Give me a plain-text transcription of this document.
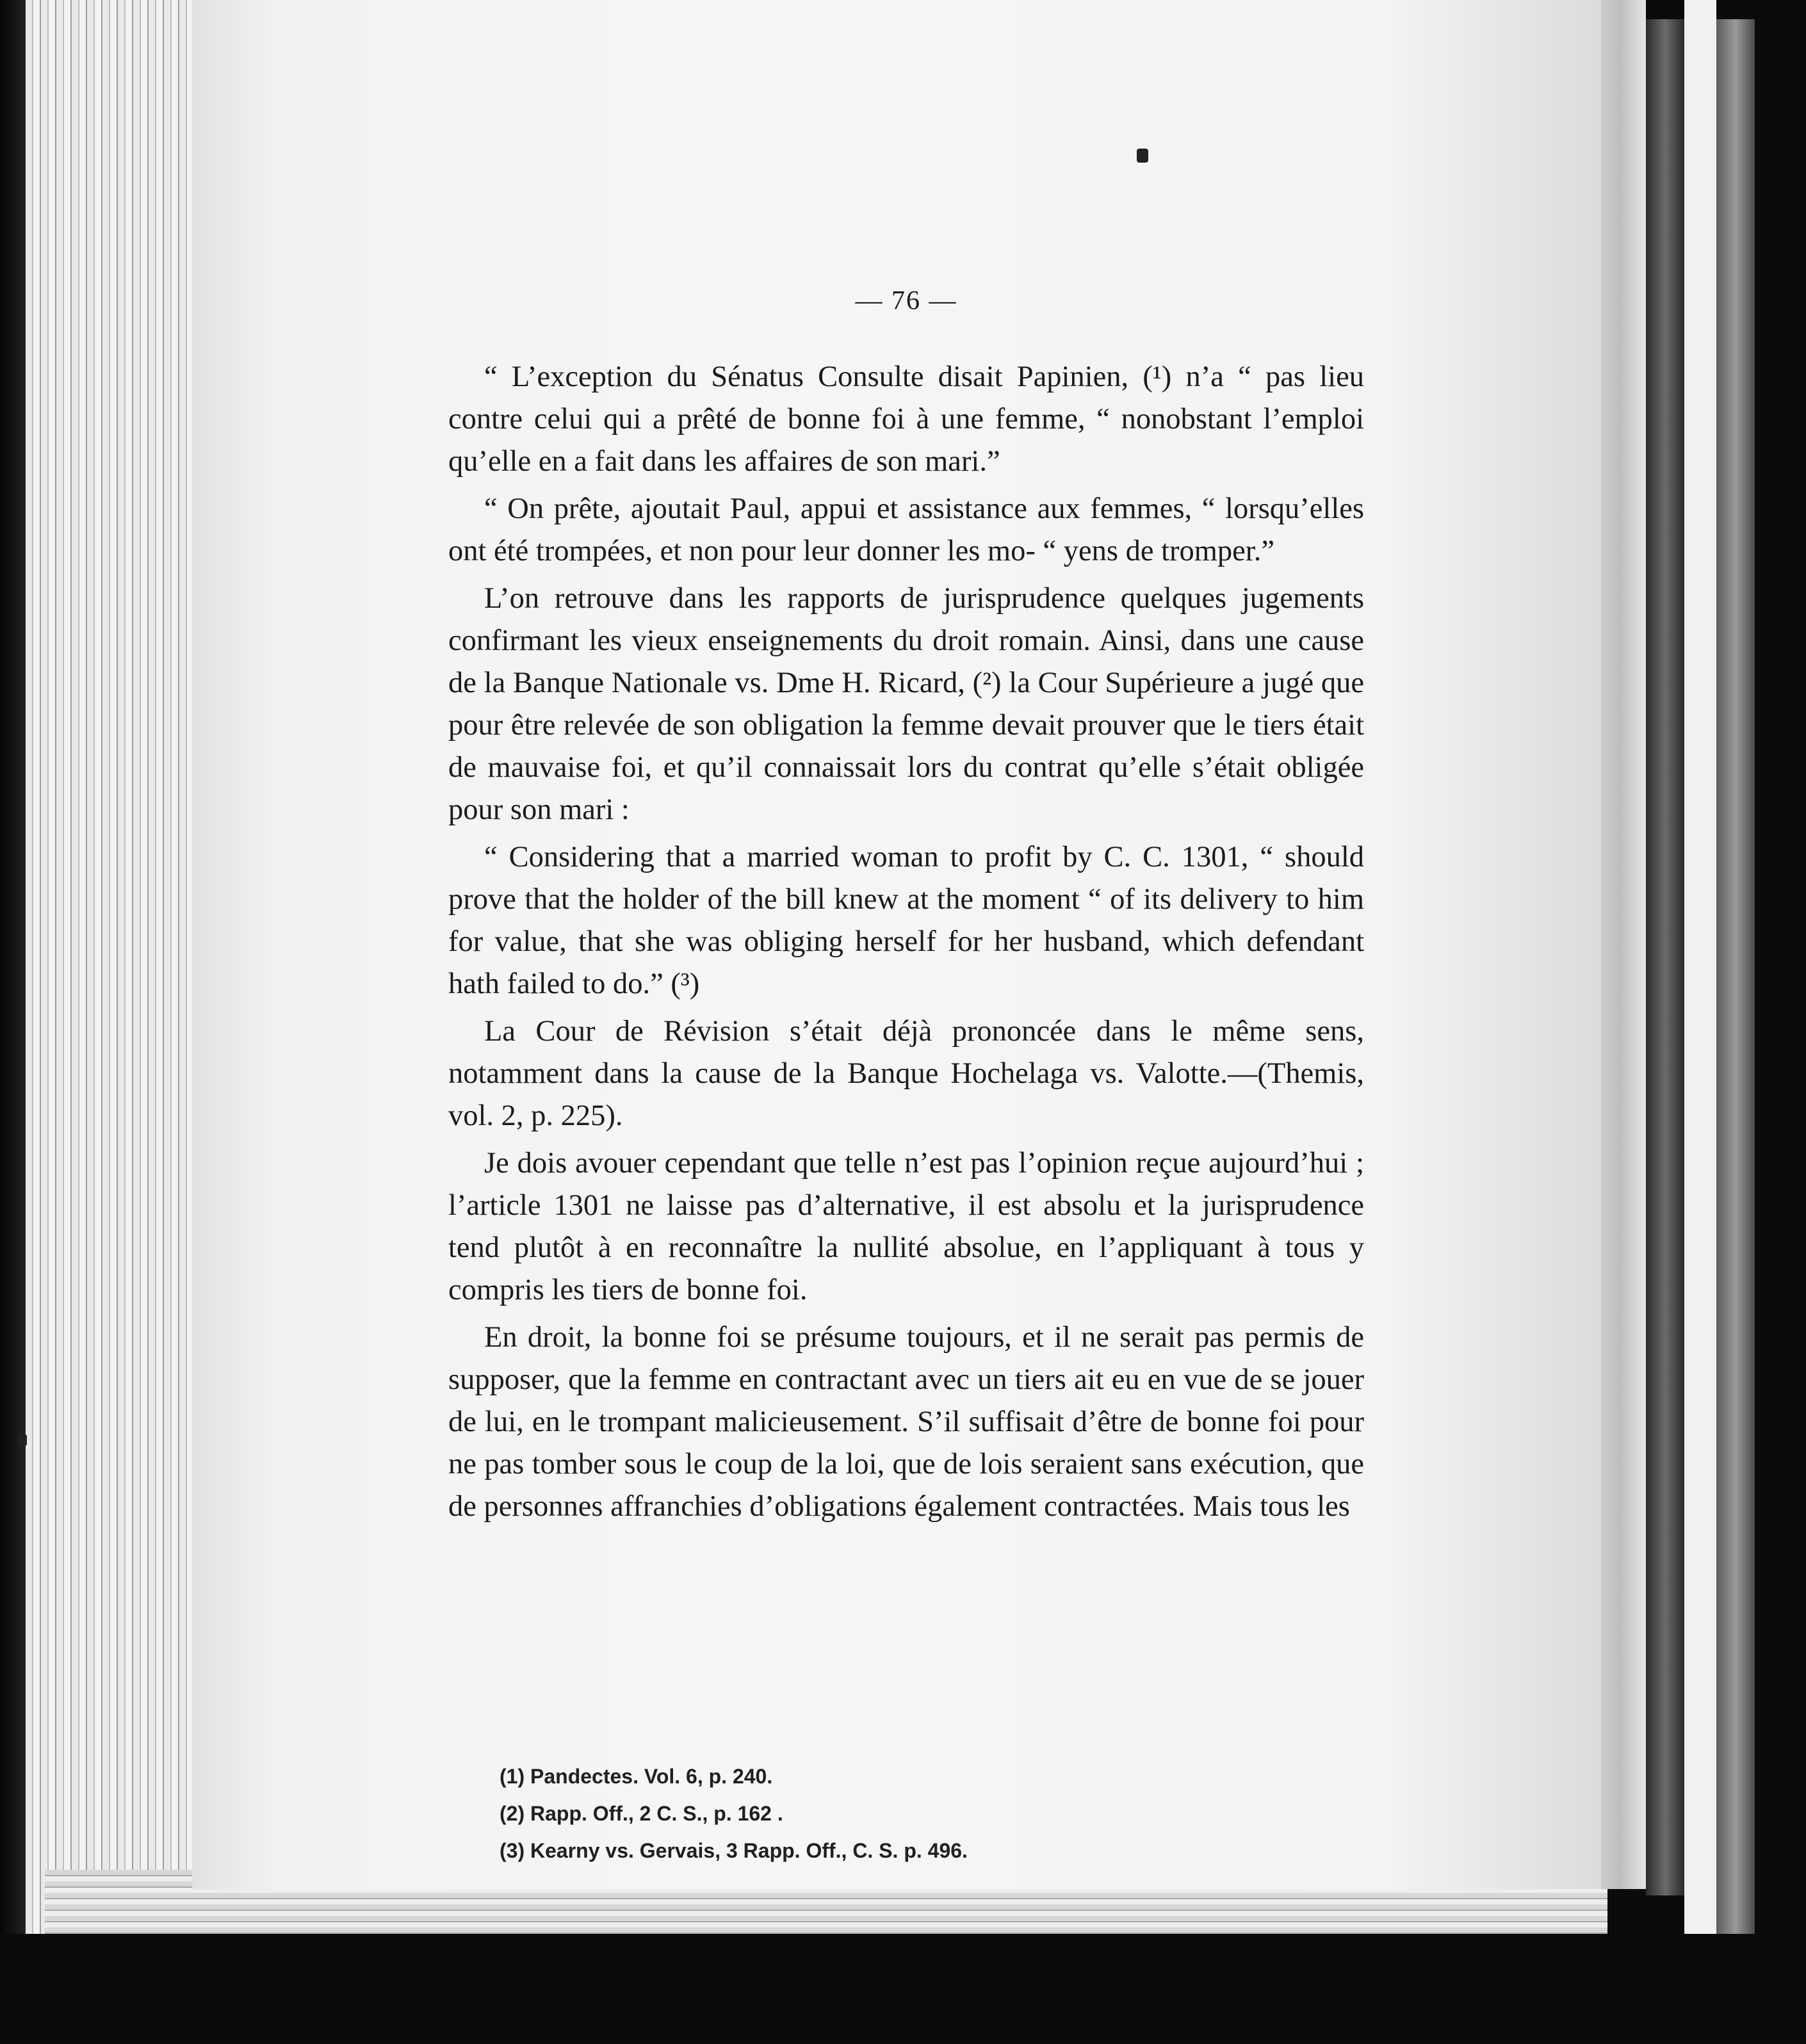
— 76 —

“ L’exception du Sénatus Consulte disait Papinien, (¹) n’a “ pas lieu contre celui qui a prêté de bonne foi à une femme, “ nonobstant l’emploi qu’elle en a fait dans les affaires de son mari.”

“ On prête, ajoutait Paul, appui et assistance aux femmes, “ lorsqu’elles ont été trompées, et non pour leur donner les mo- “ yens de tromper.”

L’on retrouve dans les rapports de jurisprudence quelques jugements confirmant les vieux enseignements du droit romain. Ainsi, dans une cause de la Banque Nationale vs. Dme H. Ricard, (²) la Cour Supérieure a jugé que pour être relevée de son obligation la femme devait prouver que le tiers était de mauvaise foi, et qu’il connaissait lors du contrat qu’elle s’était obligée pour son mari :

“ Considering that a married woman to profit by C. C. 1301, “ should prove that the holder of the bill knew at the moment “ of its delivery to him for value, that she was obliging herself for her husband, which defendant hath failed to do.” (³)

La Cour de Révision s’était déjà prononcée dans le même sens, notamment dans la cause de la Banque Hochelaga vs. Valotte.—(Themis, vol. 2, p. 225).

Je dois avouer cependant que telle n’est pas l’opinion reçue aujourd’hui ; l’article 1301 ne laisse pas d’alternative, il est absolu et la jurisprudence tend plutôt à en reconnaître la nullité absolue, en l’appliquant à tous y compris les tiers de bonne foi.

En droit, la bonne foi se présume toujours, et il ne serait pas permis de supposer, que la femme en contractant avec un tiers ait eu en vue de se jouer de lui, en le trompant malicieusement. S’il suffisait d’être de bonne foi pour ne pas tomber sous le coup de la loi, que de lois seraient sans exécution, que de personnes affranchies d’obligations également contractées. Mais tous les

(1) Pandectes. Vol. 6, p. 240.
(2) Rapp. Off., 2 C. S., p. 162 .
(3) Kearny vs. Gervais, 3 Rapp. Off., C. S. p. 496.
